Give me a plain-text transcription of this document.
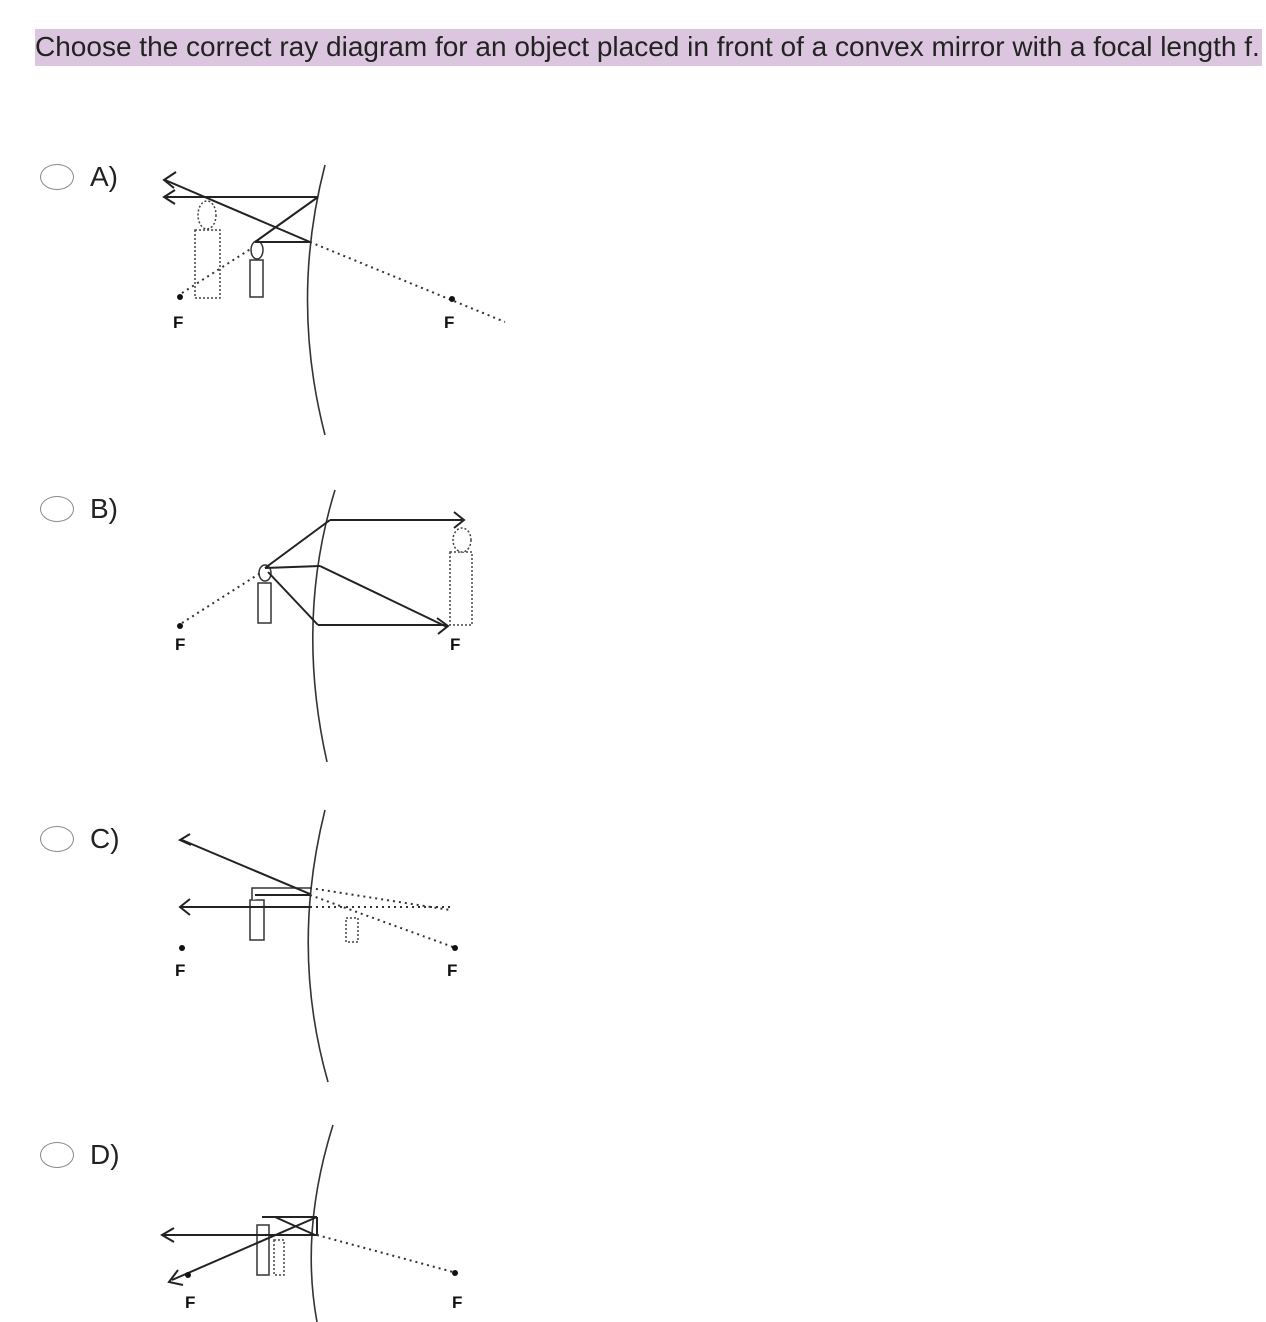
Choose the correct ray diagram for an object placed in front of a convex mirror with a focal length f.
A)
F	F
B)
F	F
C)
F	F
D)
F	F
